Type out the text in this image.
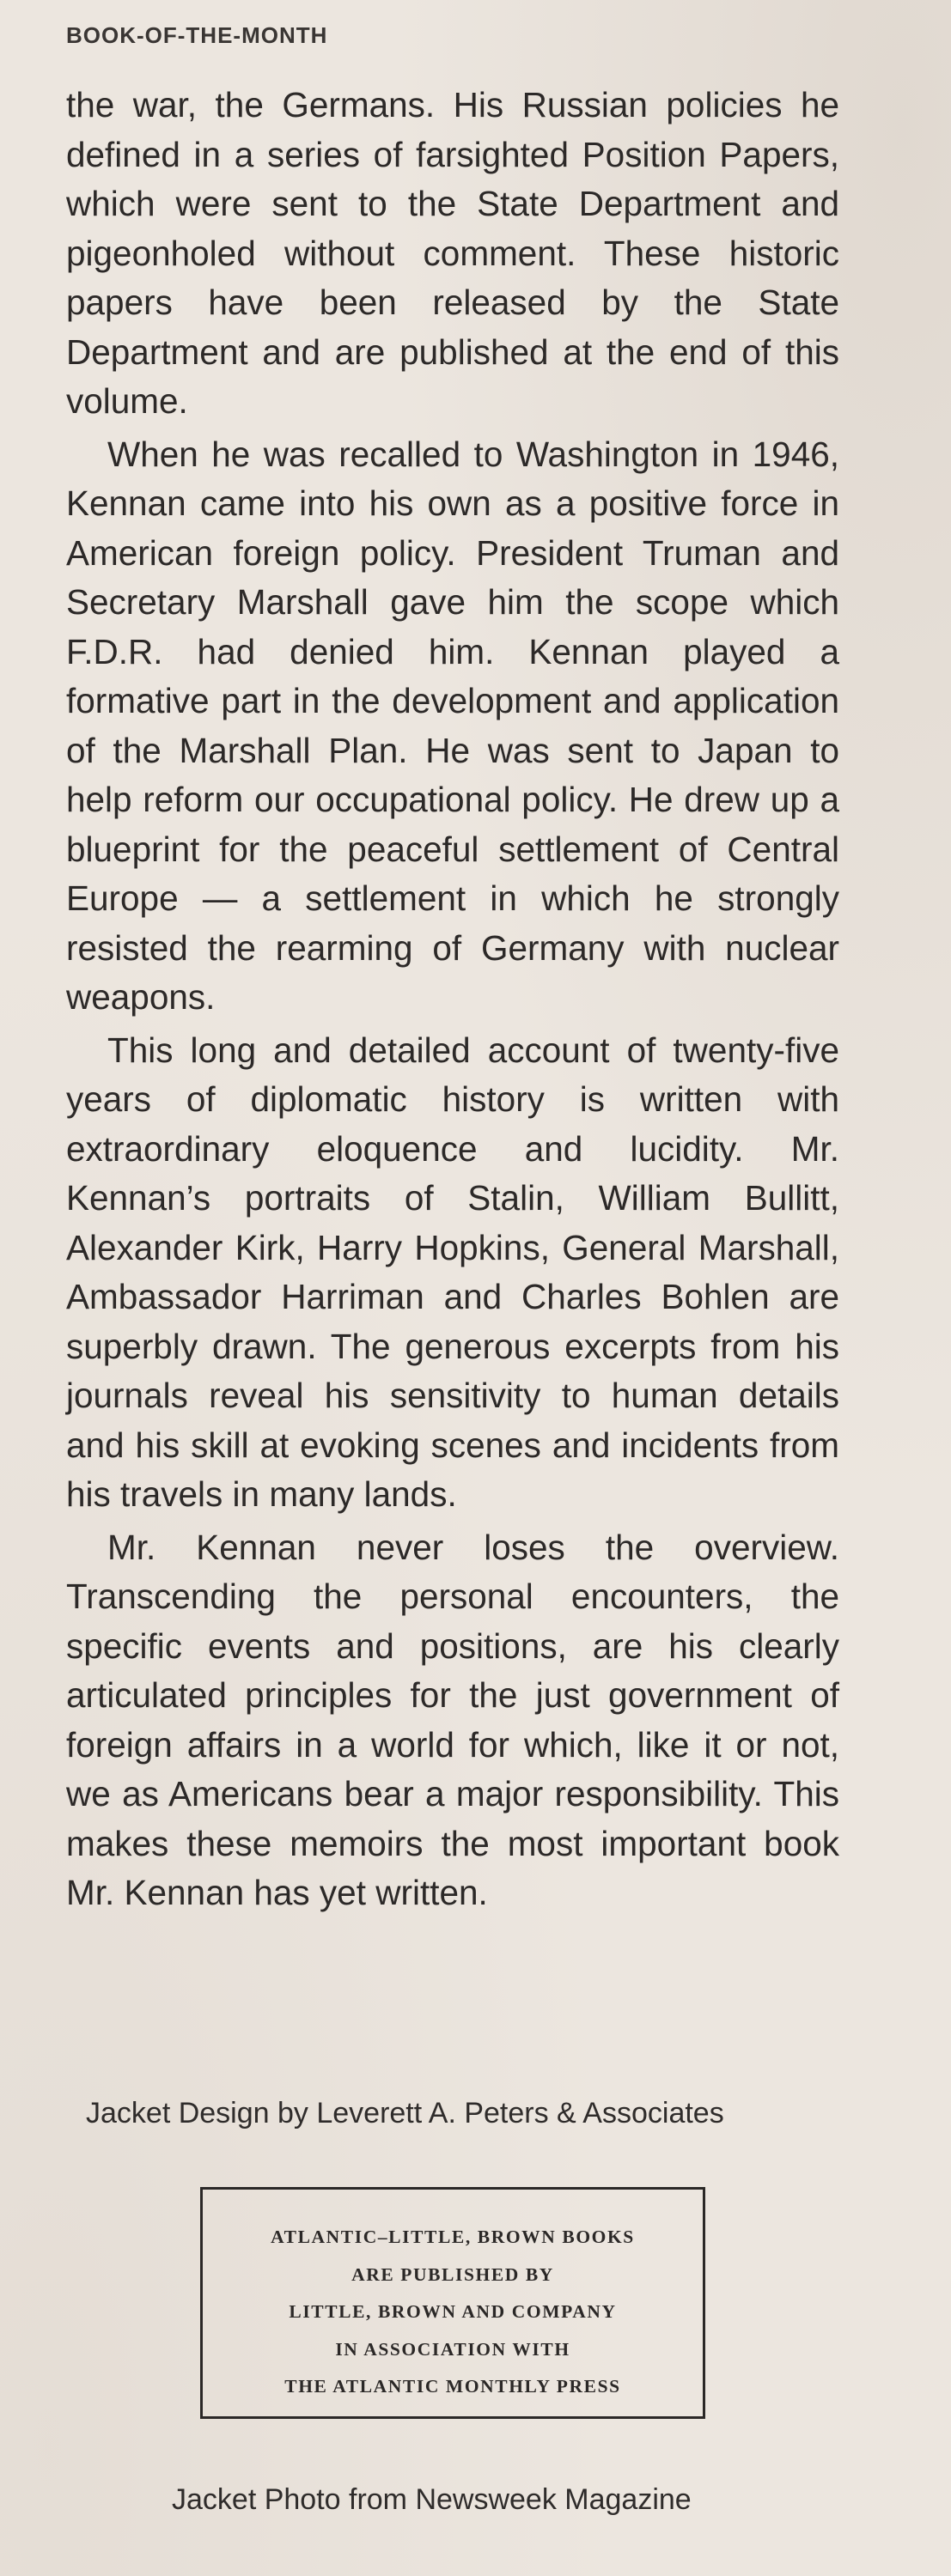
BOOK-OF-THE-MONTH

the war, the Germans. His Russian policies he defined in a series of farsighted Position Papers, which were sent to the State Department and pigeonholed without comment. These historic papers have been released by the State Department and are published at the end of this volume.

When he was recalled to Washington in 1946, Kennan came into his own as a positive force in American foreign policy. President Truman and Secretary Marshall gave him the scope which F.D.R. had denied him. Kennan played a formative part in the development and application of the Marshall Plan. He was sent to Japan to help reform our occupational policy. He drew up a blueprint for the peaceful settlement of Central Europe — a settlement in which he strongly resisted the rearming of Germany with nuclear weapons.

This long and detailed account of twenty-five years of diplomatic history is written with extraordinary eloquence and lucidity. Mr. Kennan’s portraits of Stalin, William Bullitt, Alexander Kirk, Harry Hopkins, General Marshall, Ambassador Harriman and Charles Bohlen are superbly drawn. The generous excerpts from his journals reveal his sensitivity to human details and his skill at evoking scenes and incidents from his travels in many lands.

Mr. Kennan never loses the overview. Transcending the personal encounters, the specific events and positions, are his clearly articulated principles for the just government of foreign affairs in a world for which, like it or not, we as Americans bear a major responsibility. This makes these memoirs the most important book Mr. Kennan has yet written.

Jacket Design by Leverett A. Peters & Associates
ATLANTIC–LITTLE, BROWN BOOKS
ARE PUBLISHED BY
LITTLE, BROWN AND COMPANY
IN ASSOCIATION WITH
THE ATLANTIC MONTHLY PRESS
Jacket Photo from Newsweek Magazine
